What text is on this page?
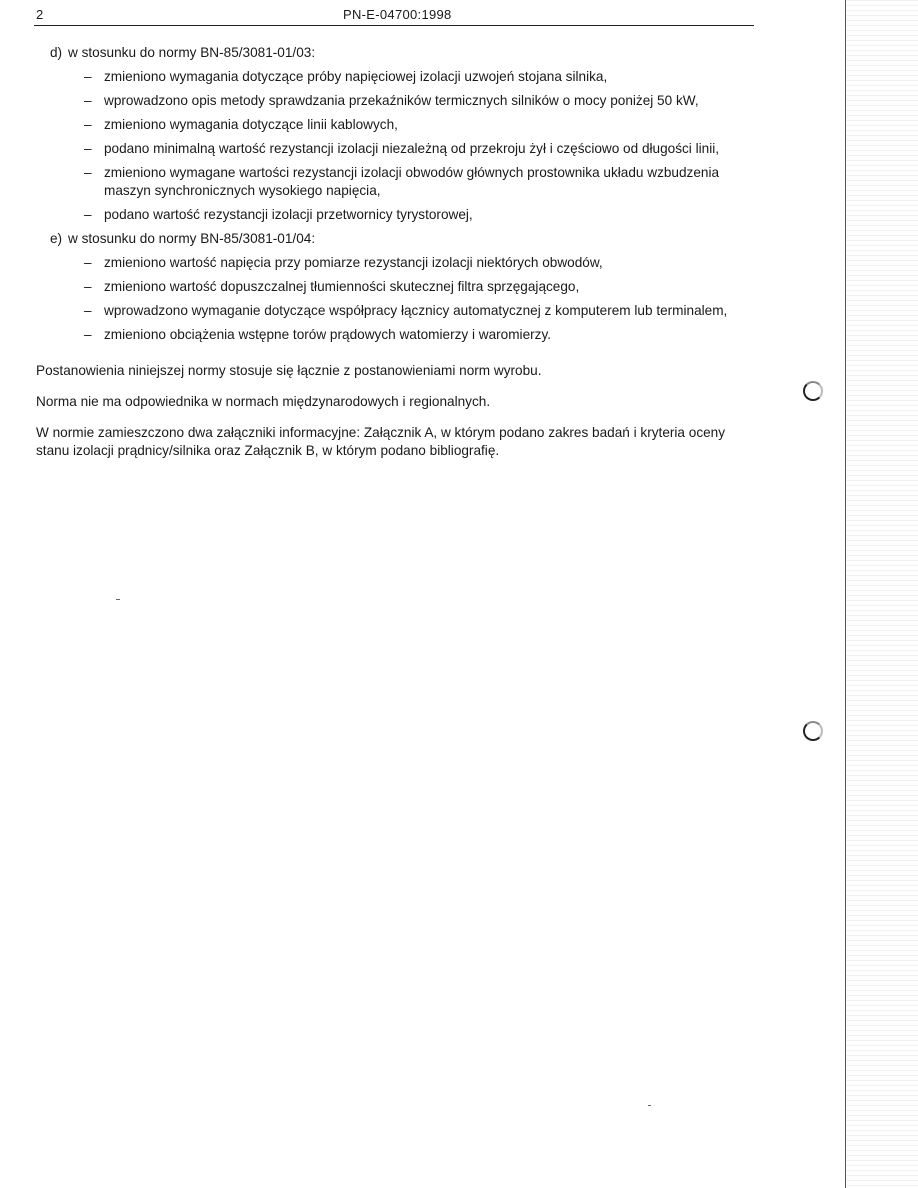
2	PN-E-04700:1998
d) w stosunku do normy BN-85/3081-01/03:
– zmieniono wymagania dotyczące próby napięciowej izolacji uzwojeń stojana silnika,
– wprowadzono opis metody sprawdzania przekaźników termicznych silników o mocy poniżej 50 kW,
– zmieniono wymagania dotyczące linii kablowych,
– podano minimalną wartość rezystancji izolacji niezależną od przekroju żył i częściowo od długości linii,
– zmieniono wymagane wartości rezystancji izolacji obwodów głównych prostownika układu wzbudzenia maszyn synchronicznych wysokiego napięcia,
– podano wartość rezystancji izolacji przetwornicy tyrystorowej,
e) w stosunku do normy BN-85/3081-01/04:
– zmieniono wartość napięcia przy pomiarze rezystancji izolacji niektórych obwodów,
– zmieniono wartość dopuszczalnej tłumienności skutecznej filtra sprzęgającego,
– wprowadzono wymaganie dotyczące współpracy łącznicy automatycznej z komputerem lub terminalem,
– zmieniono obciążenia wstępne torów prądowych watomierzy i waromierzy.

Postanowienia niniejszej normy stosuje się łącznie z postanowieniami norm wyrobu.

Norma nie ma odpowiednika w normach międzynarodowych i regionalnych.

W normie zamieszczono dwa załączniki informacyjne: Załącznik A, w którym podano zakres badań i kryteria oceny stanu izolacji prądnicy/silnika oraz Załącznik B, w którym podano bibliografię.
